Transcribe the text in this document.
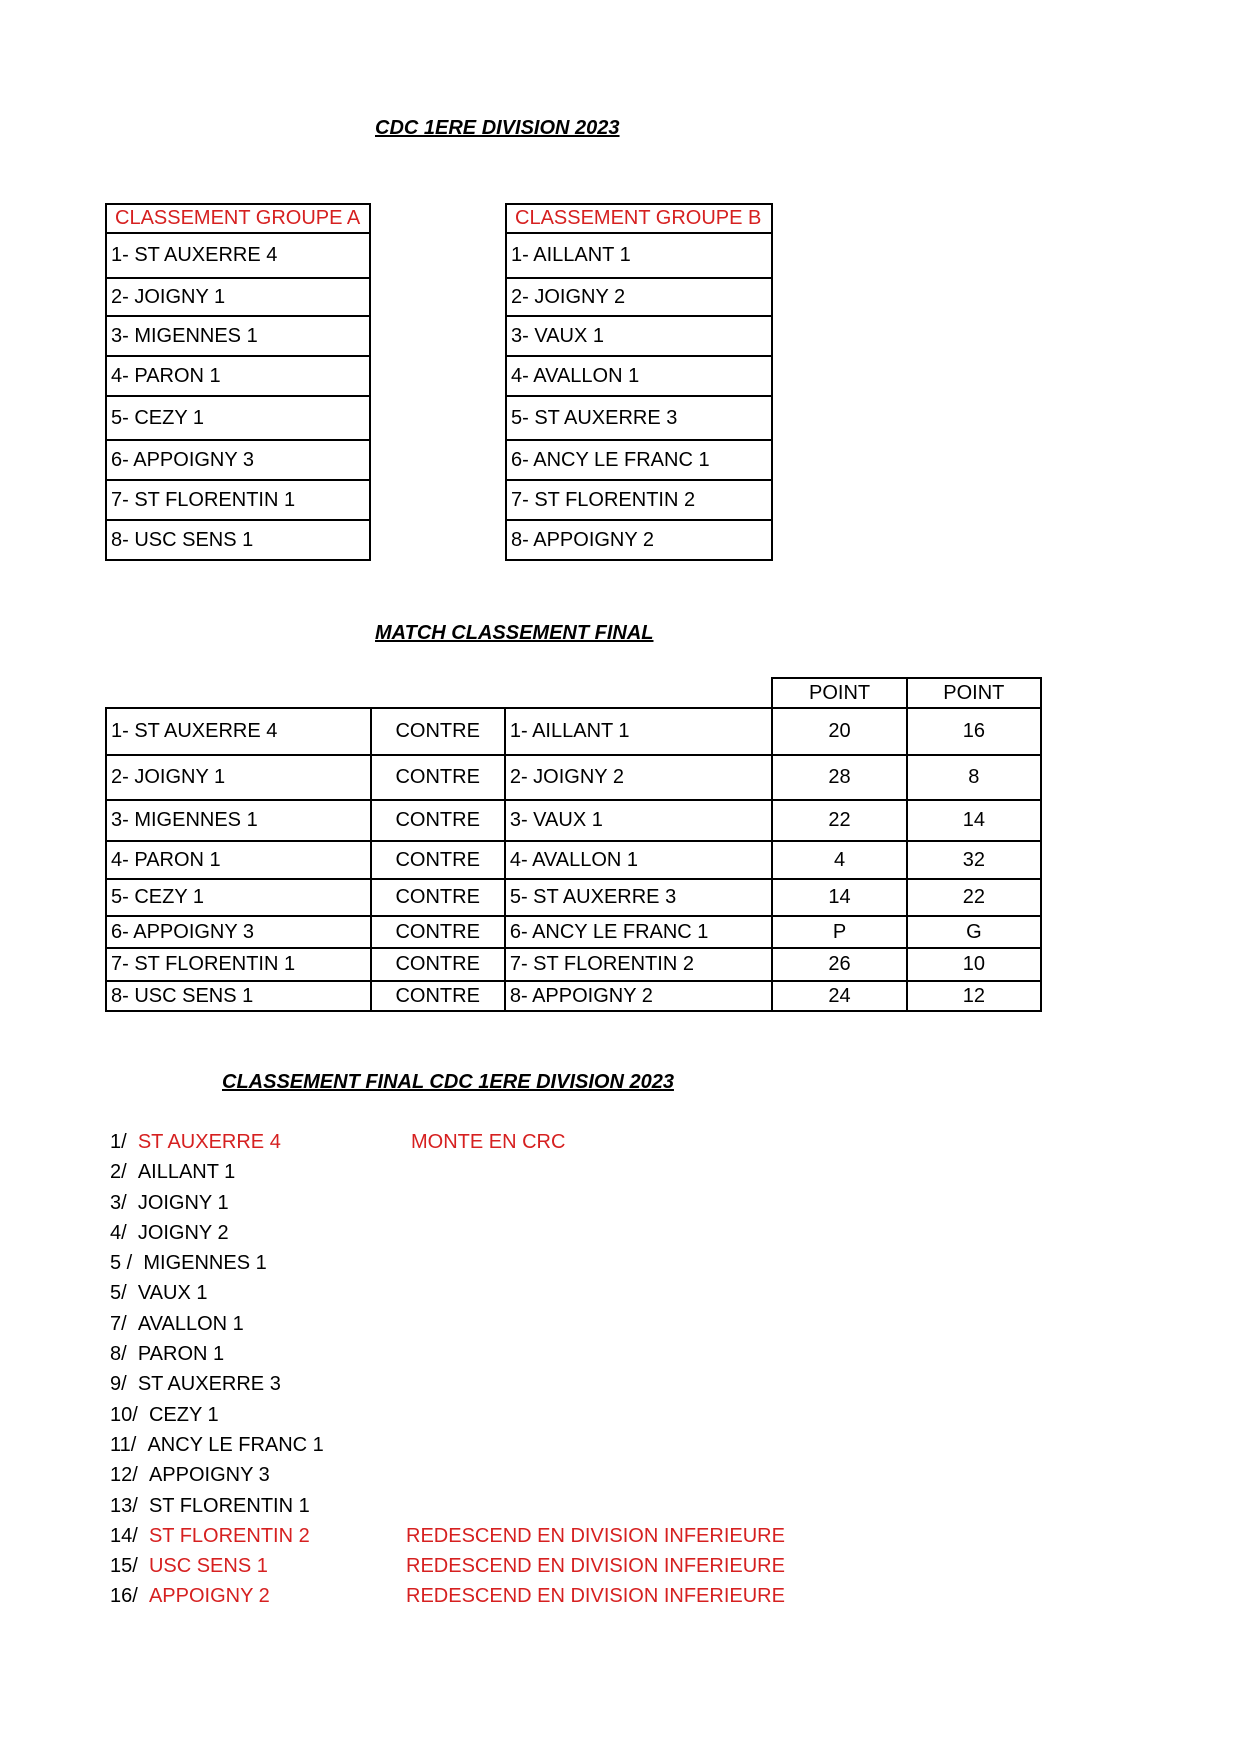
CDC 1ERE DIVISION 2023
CLASSEMENT GROUPE A
1- ST AUXERRE 4
2- JOIGNY 1
3- MIGENNES 1
4- PARON 1
5- CEZY 1
6- APPOIGNY 3
7- ST FLORENTIN 1
8- USC SENS 1
CLASSEMENT GROUPE B
1- AILLANT 1
2- JOIGNY 2
3- VAUX 1
4- AVALLON 1
5- ST AUXERRE 3
6- ANCY LE FRANC 1
7- ST FLORENTIN 2
8- APPOIGNY 2
MATCH CLASSEMENT FINAL
			POINT	POINT
1- ST AUXERRE 4	CONTRE	1- AILLANT 1	20	16
2- JOIGNY 1	CONTRE	2- JOIGNY 2	28	8
3- MIGENNES 1	CONTRE	3- VAUX 1	22	14
4- PARON 1	CONTRE	4- AVALLON 1	4	32
5- CEZY 1	CONTRE	5- ST AUXERRE 3	14	22
6- APPOIGNY 3	CONTRE	6- ANCY LE FRANC 1	P	G
7- ST FLORENTIN 1	CONTRE	7- ST FLORENTIN 2	26	10
8- USC SENS 1	CONTRE	8- APPOIGNY 2	24	12
CLASSEMENT FINAL CDC 1ERE DIVISION 2023
1/ ST AUXERRE 4	MONTE EN CRC
2/ AILLANT 1
3/ JOIGNY 1
4/ JOIGNY 2
5 / MIGENNES 1
5/ VAUX 1
7/ AVALLON 1
8/ PARON 1
9/ ST AUXERRE 3
10/ CEZY 1
11/ ANCY LE FRANC 1
12/ APPOIGNY 3
13/ ST FLORENTIN 1
14/ ST FLORENTIN 2	REDESCEND EN DIVISION INFERIEURE
15/ USC SENS 1	REDESCEND EN DIVISION INFERIEURE
16/ APPOIGNY 2	REDESCEND EN DIVISION INFERIEURE
